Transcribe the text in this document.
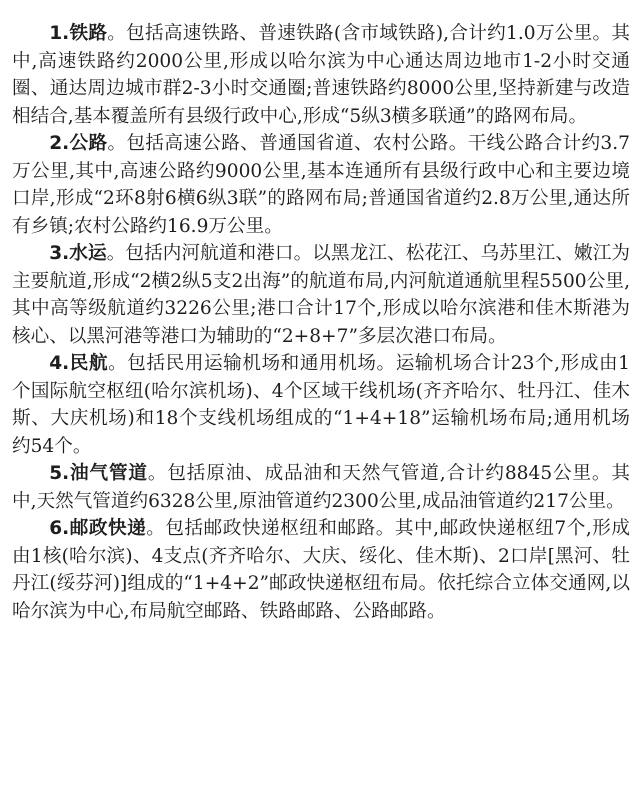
1.铁路。包括高速铁路、普速铁路(含市域铁路),合计约1.0万公里。其中,高速铁路约2000公里,形成以哈尔滨为中心通达周边地市1-2小时交通圈、通达周边城市群2-3小时交通圈;普速铁路约8000公里,坚持新建与改造相结合,基本覆盖所有县级行政中心,形成“5纵3横多联通”的路网布局。

2.公路。包括高速公路、普通国省道、农村公路。干线公路合计约3.7万公里,其中,高速公路约9000公里,基本连通所有县级行政中心和主要边境口岸,形成“2环8射6横6纵3联”的路网布局;普通国省道约2.8万公里,通达所有乡镇;农村公路约16.9万公里。

3.水运。包括内河航道和港口。以黑龙江、松花江、乌苏里江、嫩江为主要航道,形成“2横2纵5支2出海”的航道布局,内河航道通航里程5500公里,其中高等级航道约3226公里;港口合计17个,形成以哈尔滨港和佳木斯港为核心、以黑河港等港口为辅助的“2+8+7”多层次港口布局。

4.民航。包括民用运输机场和通用机场。运输机场合计23个,形成由1个国际航空枢纽(哈尔滨机场)、4个区域干线机场(齐齐哈尔、牡丹江、佳木斯、大庆机场)和18个支线机场组成的“1+4+18”运输机场布局;通用机场约54个。

5.油气管道。包括原油、成品油和天然气管道,合计约8845公里。其中,天然气管道约6328公里,原油管道约2300公里,成品油管道约217公里。

6.邮政快递。包括邮政快递枢纽和邮路。其中,邮政快递枢纽7个,形成由1核(哈尔滨)、4支点(齐齐哈尔、大庆、绥化、佳木斯)、2口岸[黑河、牡丹江(绥芬河)]组成的“1+4+2”邮政快递枢纽布局。依托综合立体交通网,以哈尔滨为中心,布局航空邮路、铁路邮路、公路邮路。
